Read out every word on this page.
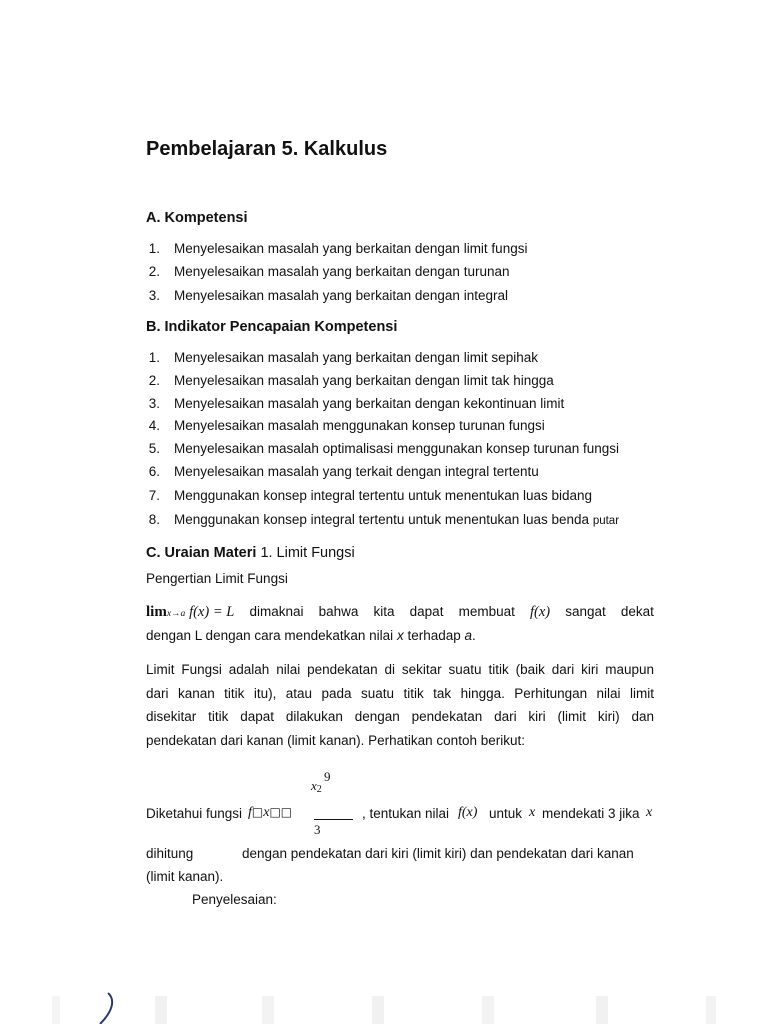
Pembelajaran 5. Kalkulus
A. Kompetensi
1. Menyelesaikan masalah yang berkaitan dengan limit fungsi
2. Menyelesaikan masalah yang berkaitan dengan turunan
3. Menyelesaikan masalah yang berkaitan dengan integral
B. Indikator Pencapaian Kompetensi
1. Menyelesaikan masalah yang berkaitan dengan limit sepihak
2. Menyelesaikan masalah yang berkaitan dengan limit tak hingga
3. Menyelesaikan masalah yang berkaitan dengan kekontinuan limit
4. Menyelesaikan masalah menggunakan konsep turunan fungsi
5. Menyelesaikan masalah optimalisasi menggunakan konsep turunan fungsi
6. Menyelesaikan masalah yang terkait dengan integral tertentu
7. Menggunakan konsep integral tertentu untuk menentukan luas bidang
8. Menggunakan konsep integral tertentu untuk menentukan luas benda putar
C. Uraian Materi 1. Limit Fungsi
Pengertian Limit Fungsi
limx→a f(x) = L dimaknai bahwa kita dapat membuat f(x) sangat dekat
dengan L dengan cara mendekatkan nilai x terhadap a.
Limit Fungsi adalah nilai pendekatan di sekitar suatu titik (baik dari kiri maupun
dari kanan titik itu), atau pada suatu titik tak hingga. Perhitungan nilai limit
disekitar titik dapat dilakukan dengan pendekatan dari kiri (limit kiri) dan
pendekatan dari kanan (limit kanan). Perhatikan contoh berikut:
x2
9
Diketahui fungsi f□x□□
3
, tentukan nilai f(x) untuk x mendekati 3 jika x
dihitung	dengan pendekatan dari kiri (limit kiri) dan pendekatan dari kanan
(limit kanan).
Penyelesaian:
